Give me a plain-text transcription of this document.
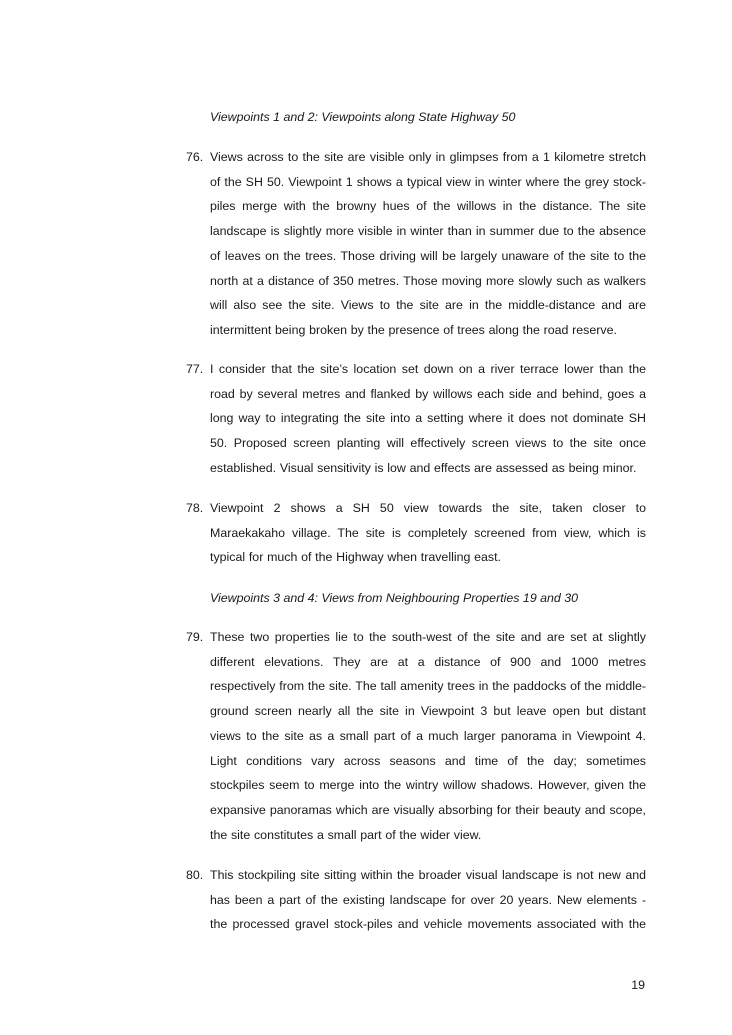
Viewpoints 1 and 2: Viewpoints along State Highway 50
76. Views across to the site are visible only in glimpses from a 1 kilometre stretch of the SH 50. Viewpoint 1 shows a typical view in winter where the grey stock-piles merge with the browny hues of the willows in the distance. The site landscape is slightly more visible in winter than in summer due to the absence of leaves on the trees. Those driving will be largely unaware of the site to the north at a distance of 350 metres. Those moving more slowly such as walkers will also see the site. Views to the site are in the middle-distance and are intermittent being broken by the presence of trees along the road reserve.
77. I consider that the site’s location set down on a river terrace lower than the road by several metres and flanked by willows each side and behind, goes a long way to integrating the site into a setting where it does not dominate SH 50. Proposed screen planting will effectively screen views to the site once established. Visual sensitivity is low and effects are assessed as being minor.
78. Viewpoint 2 shows a SH 50 view towards the site, taken closer to Maraekakaho village. The site is completely screened from view, which is typical for much of the Highway when travelling east.
Viewpoints 3 and 4: Views from Neighbouring Properties 19 and 30
79. These two properties lie to the south-west of the site and are set at slightly different elevations. They are at a distance of 900 and 1000 metres respectively from the site. The tall amenity trees in the paddocks of the middle-ground screen nearly all the site in Viewpoint 3 but leave open but distant views to the site as a small part of a much larger panorama in Viewpoint 4. Light conditions vary across seasons and time of the day; sometimes stockpiles seem to merge into the wintry willow shadows. However, given the expansive panoramas which are visually absorbing for their beauty and scope, the site constitutes a small part of the wider view.
80. This stockpiling site sitting within the broader visual landscape is not new and has been a part of the existing landscape for over 20 years. New elements - the processed gravel stock-piles and vehicle movements associated with the
19
